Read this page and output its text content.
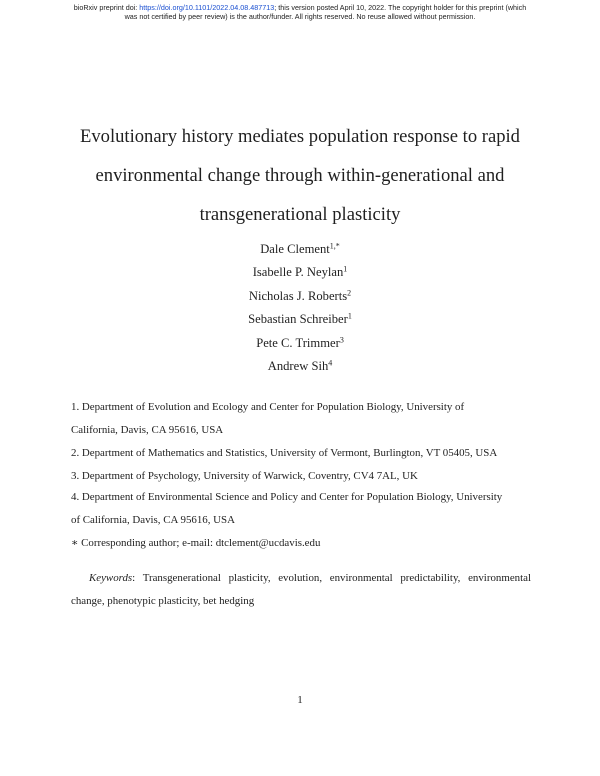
bioRxiv preprint doi: https://doi.org/10.1101/2022.04.08.487713; this version posted April 10, 2022. The copyright holder for this preprint (which
was not certified by peer review) is the author/funder. All rights reserved. No reuse allowed without permission.
Evolutionary history mediates population response to rapid
environmental change through within-generational and
transgenerational plasticity
Dale Clement$^{1,*}$
Isabelle P. Neylan$^1$
Nicholas J. Roberts$^2$
Sebastian Schreiber$^1$
Pete C. Trimmer$^3$
Andrew Sih$^4$
1. Department of Evolution and Ecology and Center for Population Biology, University of
California, Davis, CA 95616, USA
2. Department of Mathematics and Statistics, University of Vermont, Burlington, VT 05405, USA
3. Department of Psychology, University of Warwick, Coventry, CV4 7AL, UK
4. Department of Environmental Science and Policy and Center for Population Biology, University
of California, Davis, CA 95616, USA
∗ Corresponding author; e-mail: dtclement@ucdavis.edu
Keywords: Transgenerational plasticity, evolution, environmental predictability, environmental change, phenotypic plasticity, bet hedging
1
